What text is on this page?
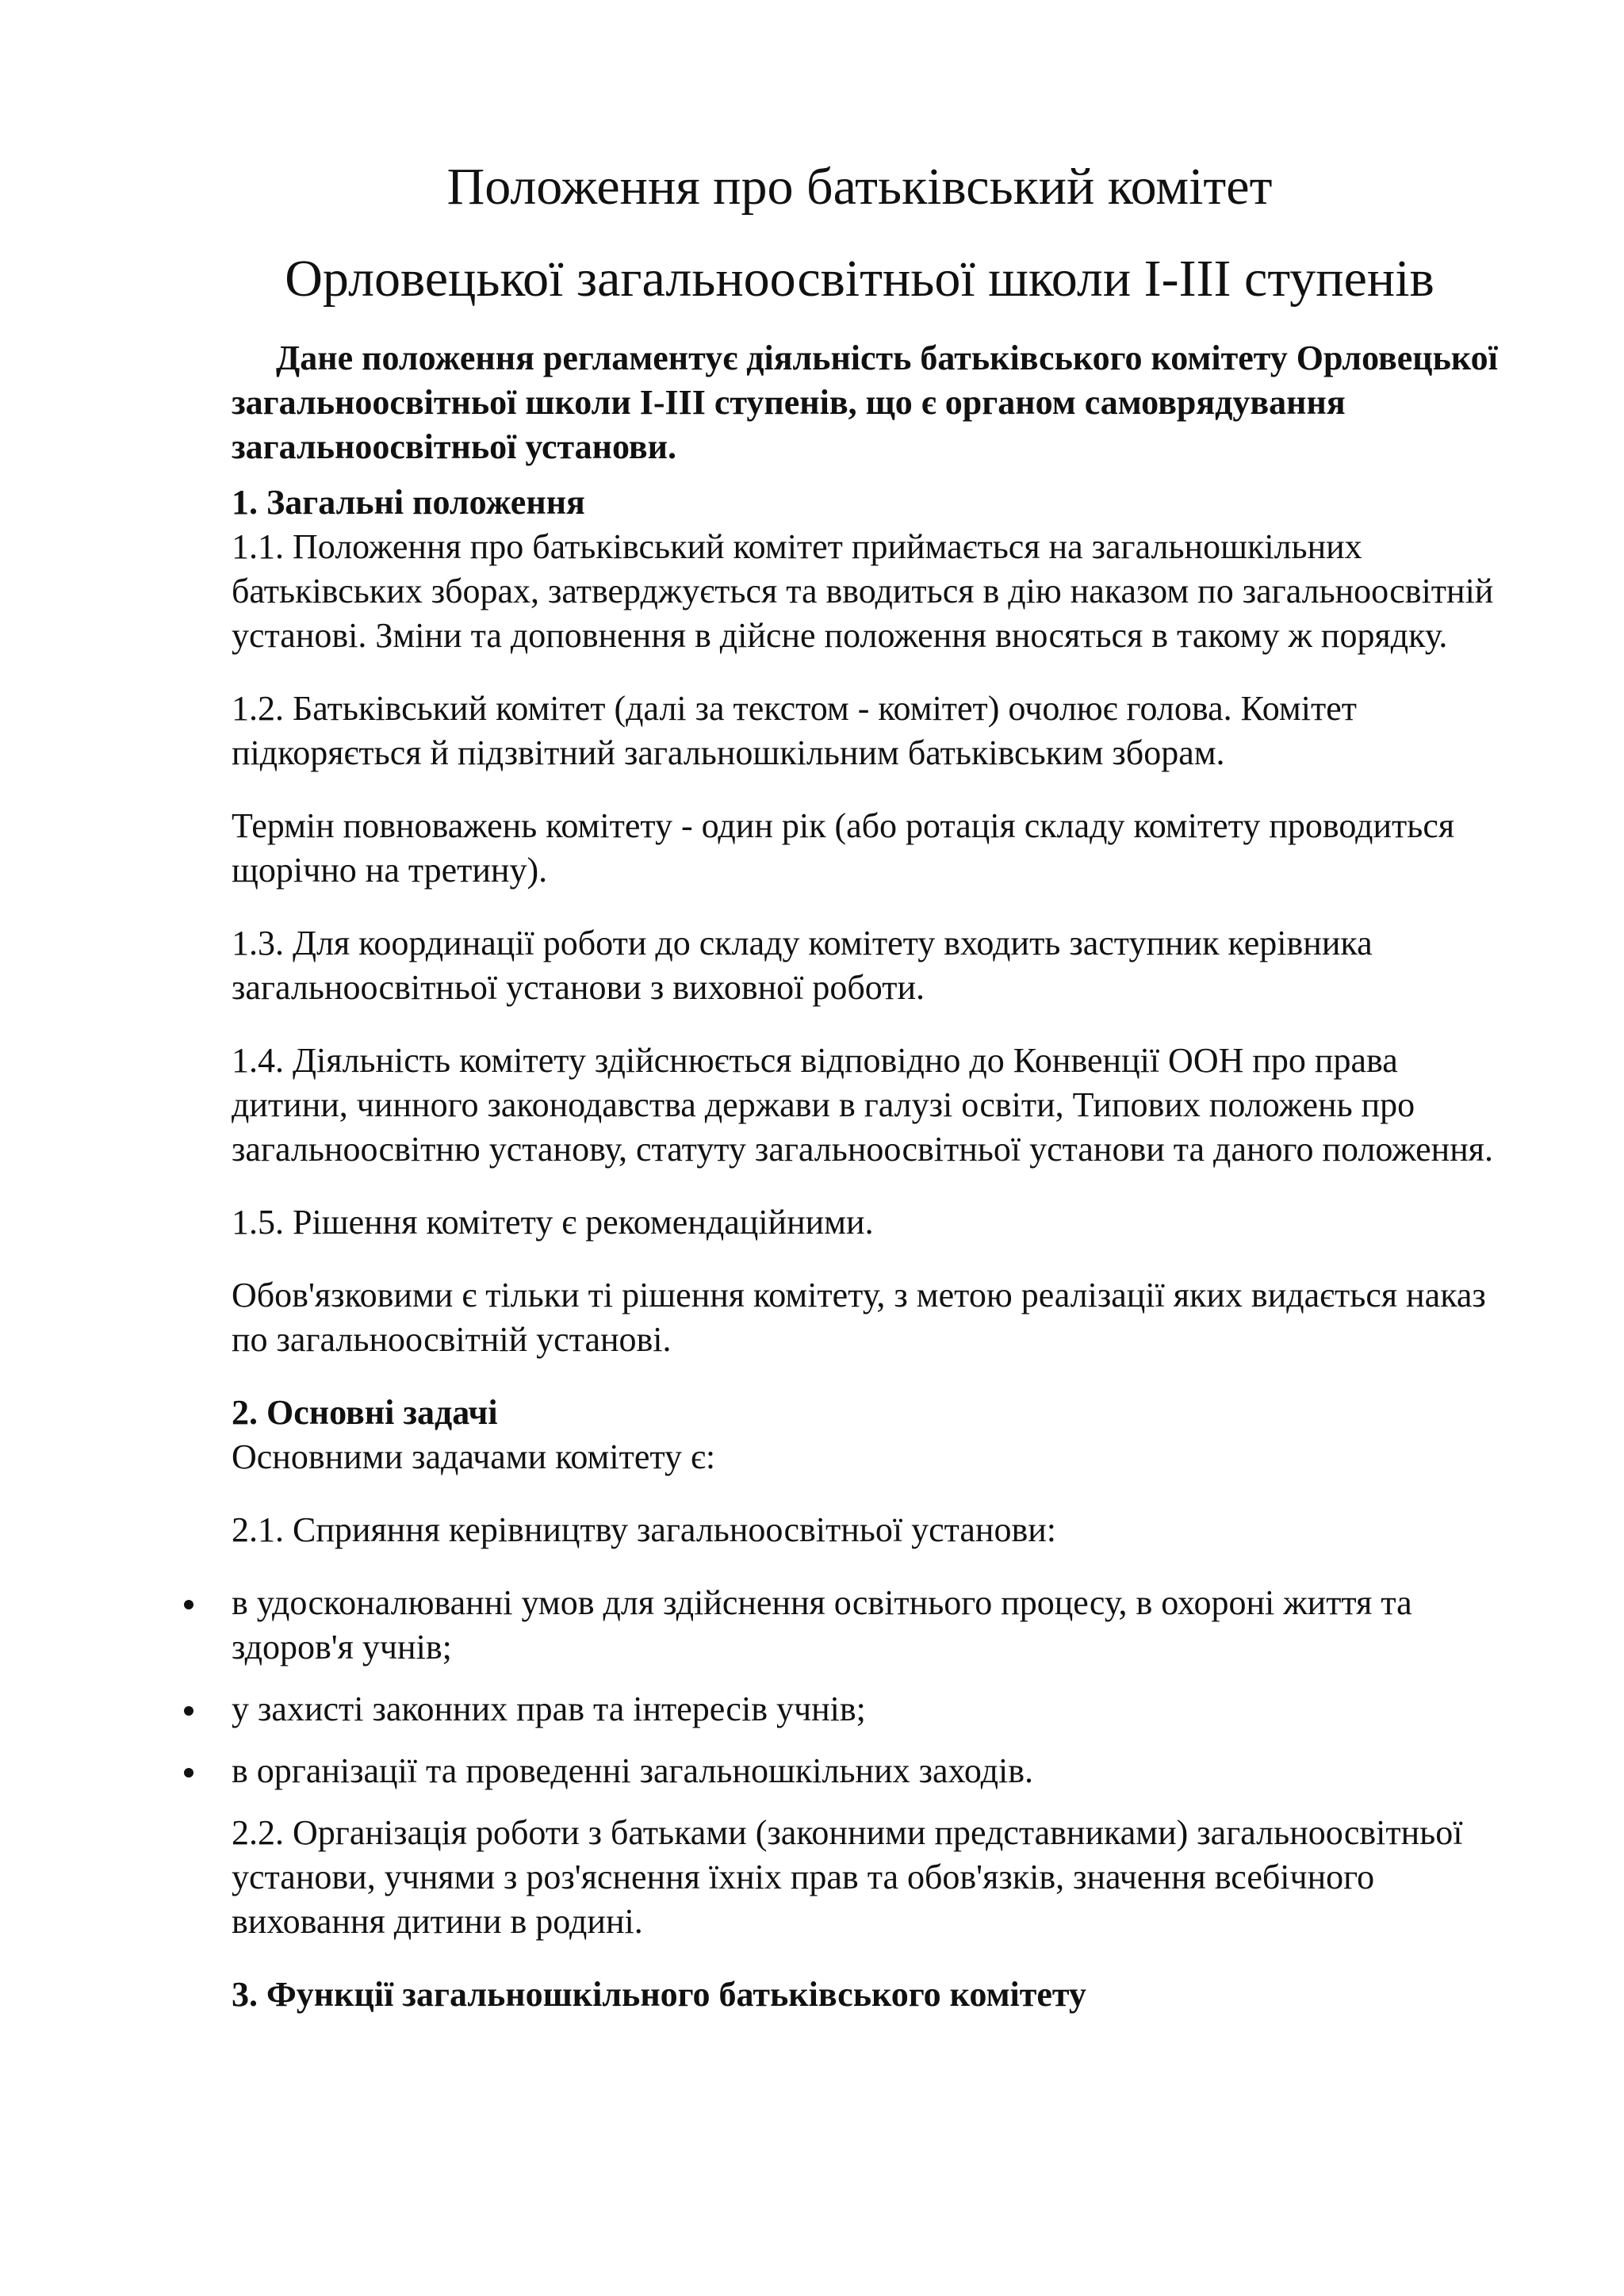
Положення про батьківський комітет
Орловецької загальноосвітньої школи І-ІІІ ступенів

Дане положення регламентує діяльність батьківського комітету Орловецької загальноосвітньої школи І-ІІІ ступенів, що є органом самоврядування загальноосвітньої установи.

1. Загальні положення

1.1. Положення про батьківський комітет приймається на загальношкільних батьківських зборах, затверджується та вводиться в дію наказом по загальноосвітній установі. Зміни та доповнення в дійсне положення вносяться в такому ж порядку.

1.2. Батьківський комітет (далі за текстом - комітет) очолює голова. Комітет підкоряється й підзвітний загальношкільним батьківським зборам.

Термін повноважень комітету - один рік (або ротація складу комітету проводиться щорічно на третину).

1.3. Для координації роботи до складу комітету входить заступник керівника загальноосвітньої установи з виховної роботи.

1.4. Діяльність комітету здійснюється відповідно до Конвенції ООН про права дитини, чинного законодавства держави в галузі освіти, Типових положень про загальноосвітню установу, статуту загальноосвітньої установи та даного положення.

1.5. Рішення комітету є рекомендаційними.

Обов'язковими є тільки ті рішення комітету, з метою реалізації яких видається наказ по загальноосвітній установі.

2. Основні задачі

Основними задачами комітету є:

2.1. Сприяння керівництву загальноосвітньої установи:

в удосконалюванні умов для здійснення освітнього процесу, в охороні життя та здоров'я учнів;
у захисті законних прав та інтересів учнів;
в організації та проведенні загальношкільних заходів.

2.2. Організація роботи з батьками (законними представниками) загальноосвітньої установи, учнями з роз'яснення їхніх прав та обов'язків, значення всебічного виховання дитини в родині.

3. Функції загальношкільного батьківського комітету
